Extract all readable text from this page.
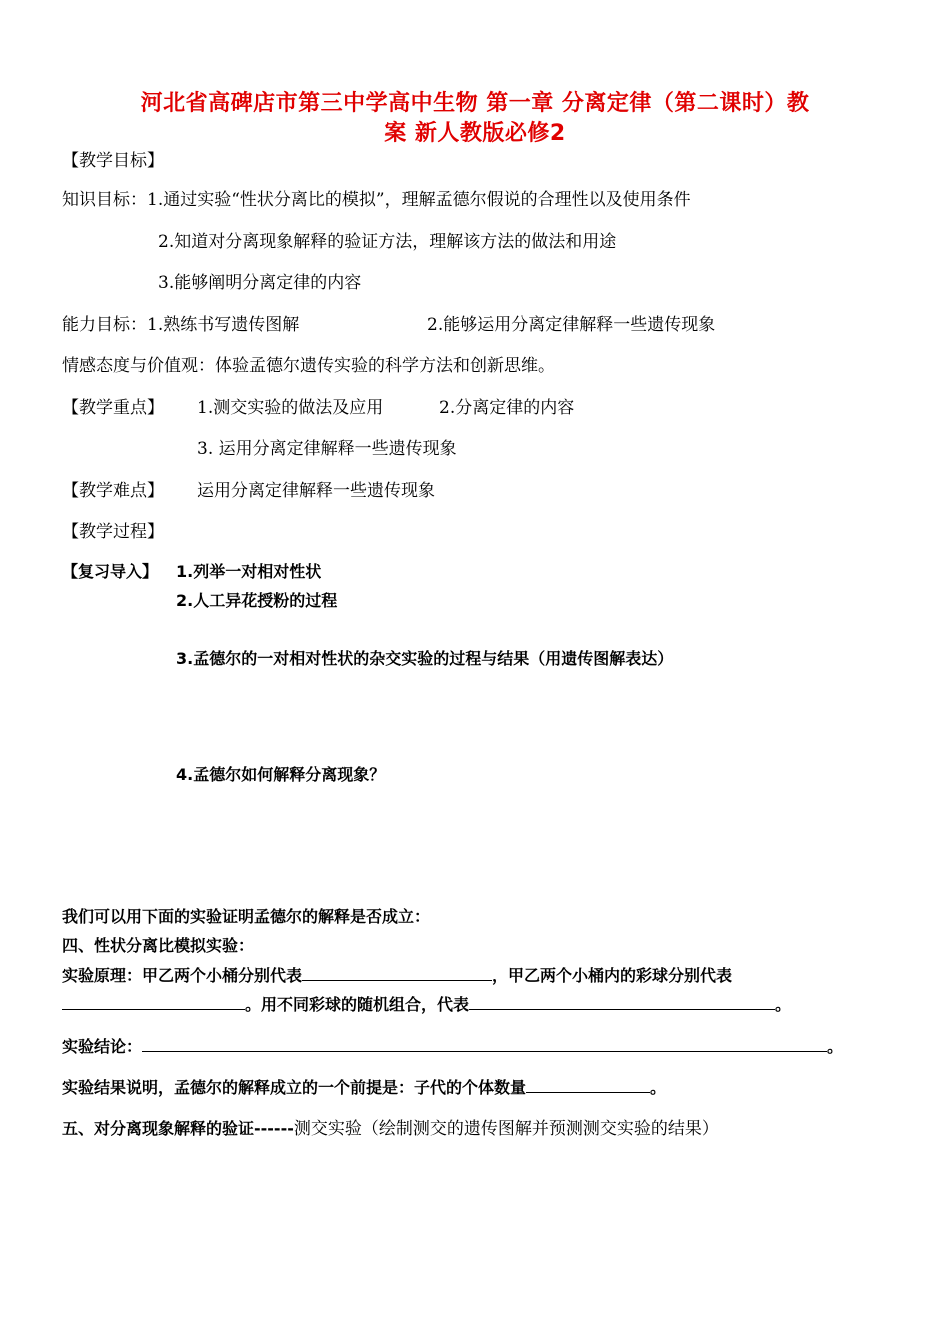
河北省高碑店市第三中学高中生物 第一章 分离定律（第二课时）教
案 新人教版必修2
【教学目标】
知识目标：1.通过实验“性状分离比的模拟”，理解孟德尔假说的合理性以及使用条件
2.知道对分离现象解释的验证方法，理解该方法的做法和用途
3.能够阐明分离定律的内容
能力目标：1.熟练书写遗传图解	2.能够运用分离定律解释一些遗传现象
情感态度与价值观：体验孟德尔遗传实验的科学方法和创新思维。
【教学重点】 1.测交实验的做法及应用	2.分离定律的内容
3. 运用分离定律解释一些遗传现象
【教学难点】 运用分离定律解释一些遗传现象
【教学过程】
【复习导入】 1.列举一对相对性状
2.人工异花授粉的过程
3.孟德尔的一对相对性状的杂交实验的过程与结果（用遗传图解表达）
4.孟德尔如何解释分离现象？
我们可以用下面的实验证明孟德尔的解释是否成立：
四、性状分离比模拟实验：
实验原理：甲乙两个小桶分别代表	，甲乙两个小桶内的彩球分别代表
。用不同彩球的随机组合，代表	。
实验结论：	。
实验结果说明，孟德尔的解释成立的一个前提是：子代的个体数量	。
五、对分离现象解释的验证------测交实验（绘制测交的遗传图解并预测测交实验的结果）
